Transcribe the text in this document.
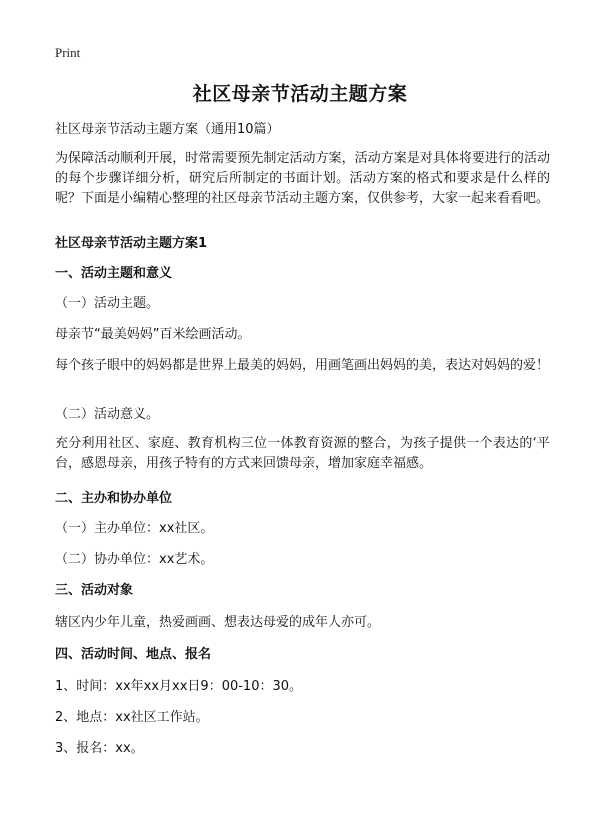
Print
社区母亲节活动主题方案
社区母亲节活动主题方案（通用10篇）
为保障活动顺利开展，时常需要预先制定活动方案，活动方案是对具体将要进行的活动的每个步骤详细分析，研究后所制定的书面计划。活动方案的格式和要求是什么样的呢？下面是小编精心整理的社区母亲节活动主题方案，仅供参考，大家一起来看看吧。
社区母亲节活动主题方案1
一、活动主题和意义
（一）活动主题。
母亲节“最美妈妈”百米绘画活动。
每个孩子眼中的妈妈都是世界上最美的妈妈，用画笔画出妈妈的美，表达对妈妈的爱！
（二）活动意义。
充分利用社区、家庭、教育机构三位一体教育资源的整合，为孩子提供一个表达的‘平台，感恩母亲，用孩子特有的方式来回馈母亲，增加家庭幸福感。
二、主办和协办单位
（一）主办单位：xx社区。
（二）协办单位：xx艺术。
三、活动对象
辖区内少年儿童，热爱画画、想表达母爱的成年人亦可。
四、活动时间、地点、报名
1、时间：xx年xx月xx日9：00-10：30。
2、地点：xx社区工作站。
3、报名：xx。
